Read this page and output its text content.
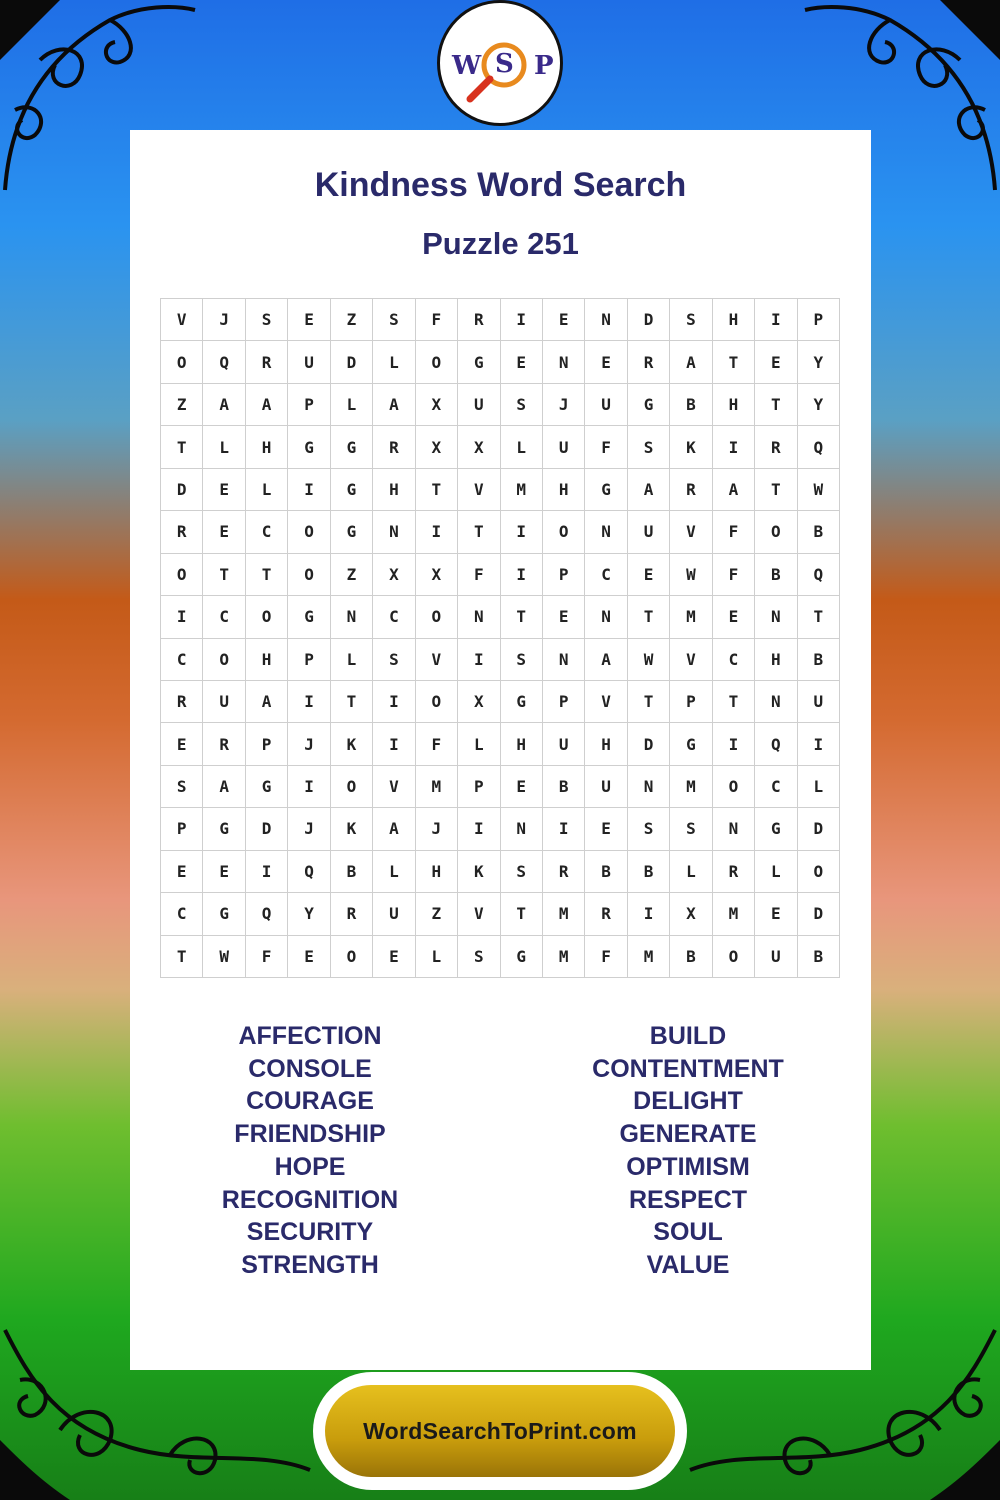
W S P
Kindness Word Search
Puzzle 251
V	J	S	E	Z	S	F	R	I	E	N	D	S	H	I	P
O	Q	R	U	D	L	O	G	E	N	E	R	A	T	E	Y
Z	A	A	P	L	A	X	U	S	J	U	G	B	H	T	Y
T	L	H	G	G	R	X	X	L	U	F	S	K	I	R	Q
D	E	L	I	G	H	T	V	M	H	G	A	R	A	T	W
R	E	C	O	G	N	I	T	I	O	N	U	V	F	O	B
O	T	T	O	Z	X	X	F	I	P	C	E	W	F	B	Q
I	C	O	G	N	C	O	N	T	E	N	T	M	E	N	T
C	O	H	P	L	S	V	I	S	N	A	W	V	C	H	B
R	U	A	I	T	I	O	X	G	P	V	T	P	T	N	U
E	R	P	J	K	I	F	L	H	U	H	D	G	I	Q	I
S	A	G	I	O	V	M	P	E	B	U	N	M	O	C	L
P	G	D	J	K	A	J	I	N	I	E	S	S	N	G	D
E	E	I	Q	B	L	H	K	S	R	B	B	L	R	L	O
C	G	Q	Y	R	U	Z	V	T	M	R	I	X	M	E	D
T	W	F	E	O	E	L	S	G	M	F	M	B	O	U	B
AFFECTION
CONSOLE
COURAGE
FRIENDSHIP
HOPE
RECOGNITION
SECURITY
STRENGTH
BUILD
CONTENTMENT
DELIGHT
GENERATE
OPTIMISM
RESPECT
SOUL
VALUE
WordSearchToPrint.com
